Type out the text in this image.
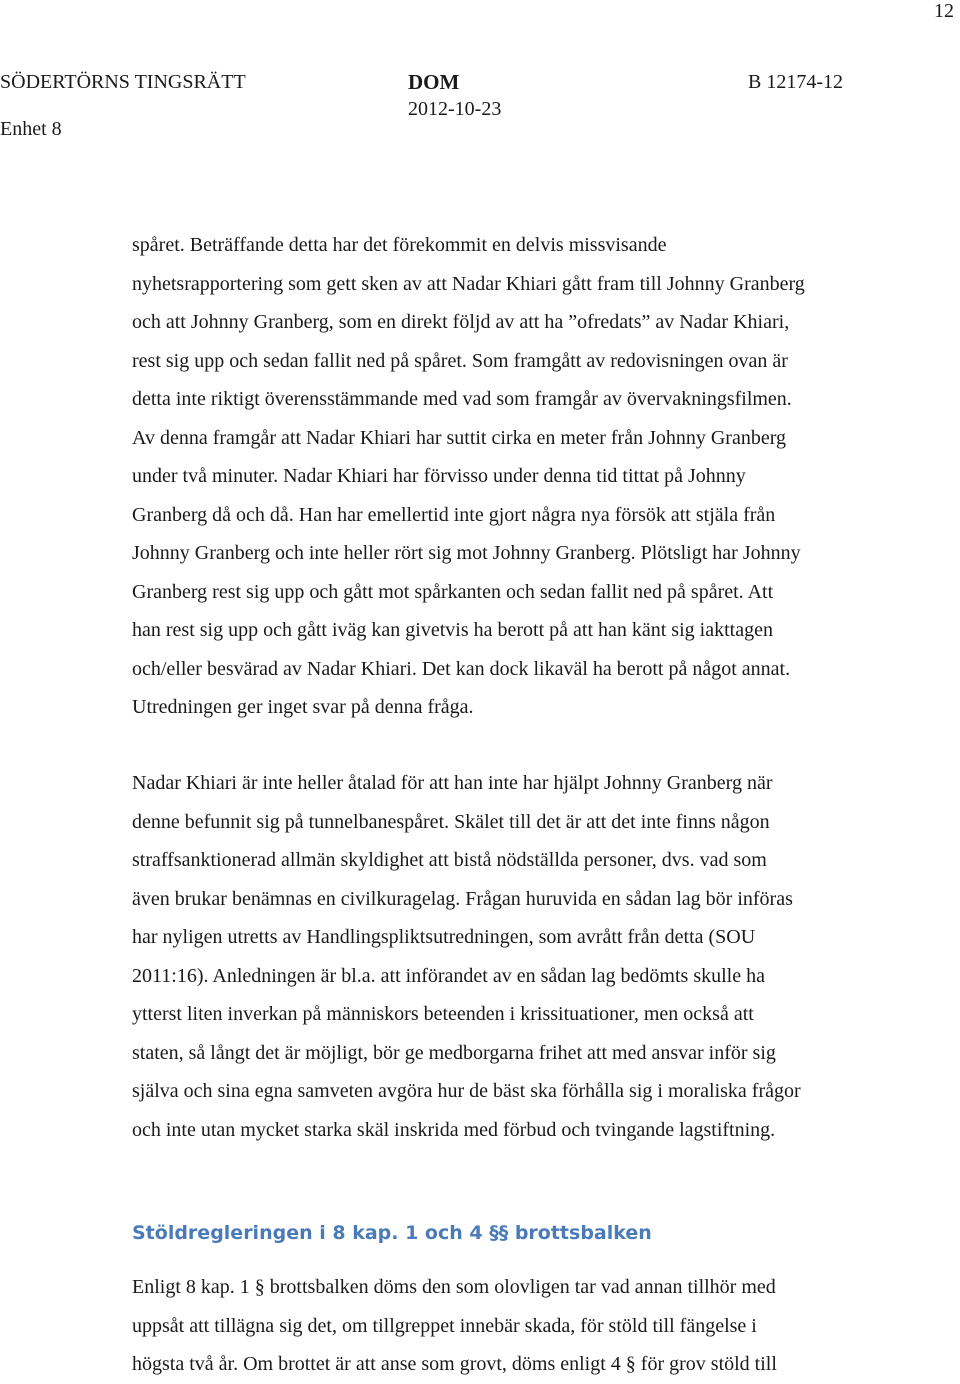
12
SÖDERTÖRNS TINGSRÄTT
Enhet 8
DOM
2012-10-23
B 12174-12

spåret. Beträffande detta har det förekommit en delvis missvisande
nyhetsrapportering som gett sken av att Nadar Khiari gått fram till Johnny Granberg
och att Johnny Granberg, som en direkt följd av att ha ”ofredats” av Nadar Khiari,
rest sig upp och sedan fallit ned på spåret. Som framgått av redovisningen ovan är
detta inte riktigt överensstämmande med vad som framgår av övervakningsfilmen.
Av denna framgår att Nadar Khiari har suttit cirka en meter från Johnny Granberg
under två minuter. Nadar Khiari har förvisso under denna tid tittat på Johnny
Granberg då och då. Han har emellertid inte gjort några nya försök att stjäla från
Johnny Granberg och inte heller rört sig mot Johnny Granberg. Plötsligt har Johnny
Granberg rest sig upp och gått mot spårkanten och sedan fallit ned på spåret. Att
han rest sig upp och gått iväg kan givetvis ha berott på att han känt sig iakttagen
och/eller besvärad av Nadar Khiari. Det kan dock likaväl ha berott på något annat.
Utredningen ger inget svar på denna fråga.

Nadar Khiari är inte heller åtalad för att han inte har hjälpt Johnny Granberg när
denne befunnit sig på tunnelbanespåret. Skälet till det är att det inte finns någon
straffsanktionerad allmän skyldighet att bistå nödställda personer, dvs. vad som
även brukar benämnas en civilkuragelag. Frågan huruvida en sådan lag bör införas
har nyligen utretts av Handlingspliktsutredningen, som avrått från detta (SOU
2011:16). Anledningen är bl.a. att införandet av en sådan lag bedömts skulle ha
ytterst liten inverkan på människors beteenden i krissituationer, men också att
staten, så långt det är möjligt, bör ge medborgarna frihet att med ansvar inför sig
själva och sina egna samveten avgöra hur de bäst ska förhålla sig i moraliska frågor
och inte utan mycket starka skäl inskrida med förbud och tvingande lagstiftning.

Stöldregleringen i 8 kap. 1 och 4 §§ brottsbalken

Enligt 8 kap. 1 § brottsbalken döms den som olovligen tar vad annan tillhör med
uppsåt att tillägna sig det, om tillgreppet innebär skada, för stöld till fängelse i
högsta två år. Om brottet är att anse som grovt, döms enligt 4 § för grov stöld till
